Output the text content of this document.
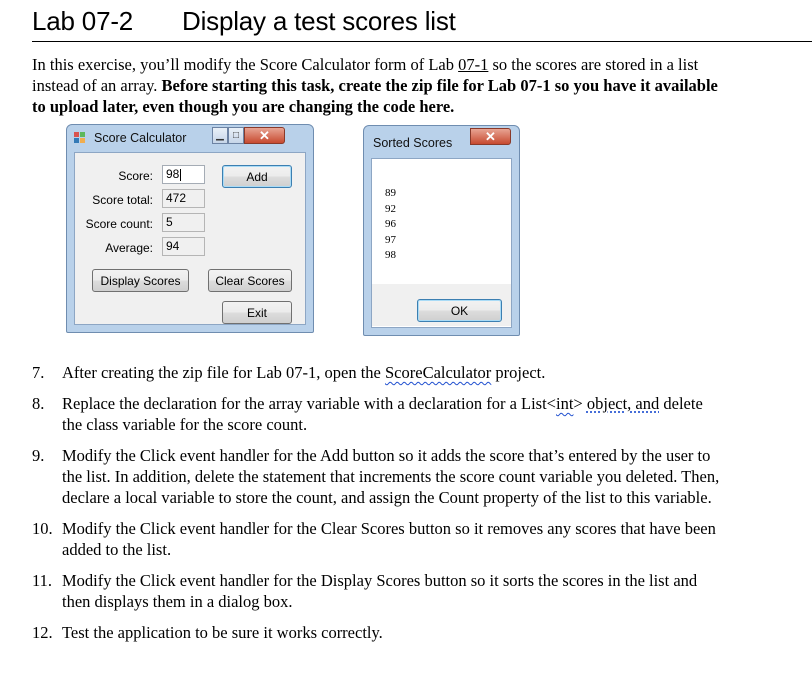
Lab 07-2 Display a test scores list
In this exercise, you’ll modify the Score Calculator form of Lab 07-1 so the scores are stored in a list instead of an array. Before starting this task, create the zip file for Lab 07-1 so you have it available to upload later, even though you are changing the code here.
Score Calculator	▁ □	✕
Score:	98	Add
Score total:	472
Score count:	5
Average:	94
Display Scores	Clear Scores
Exit
Sorted Scores	✕
OK
89
92
96
97
98
7. After creating the zip file for Lab 07-1, open the ScoreCalculator project.
8. Replace the declaration for the array variable with a declaration for a List<int> object, and delete the class variable for the score count.
9. Modify the Click event handler for the Add button so it adds the score that’s entered by the user to the list. In addition, delete the statement that increments the score count variable you deleted. Then, declare a local variable to store the count, and assign the Count property of the list to this variable.
10. Modify the Click event handler for the Clear Scores button so it removes any scores that have been added to the list.
11. Modify the Click event handler for the Display Scores button so it sorts the scores in the list and then displays them in a dialog box.
12. Test the application to be sure it works correctly.
